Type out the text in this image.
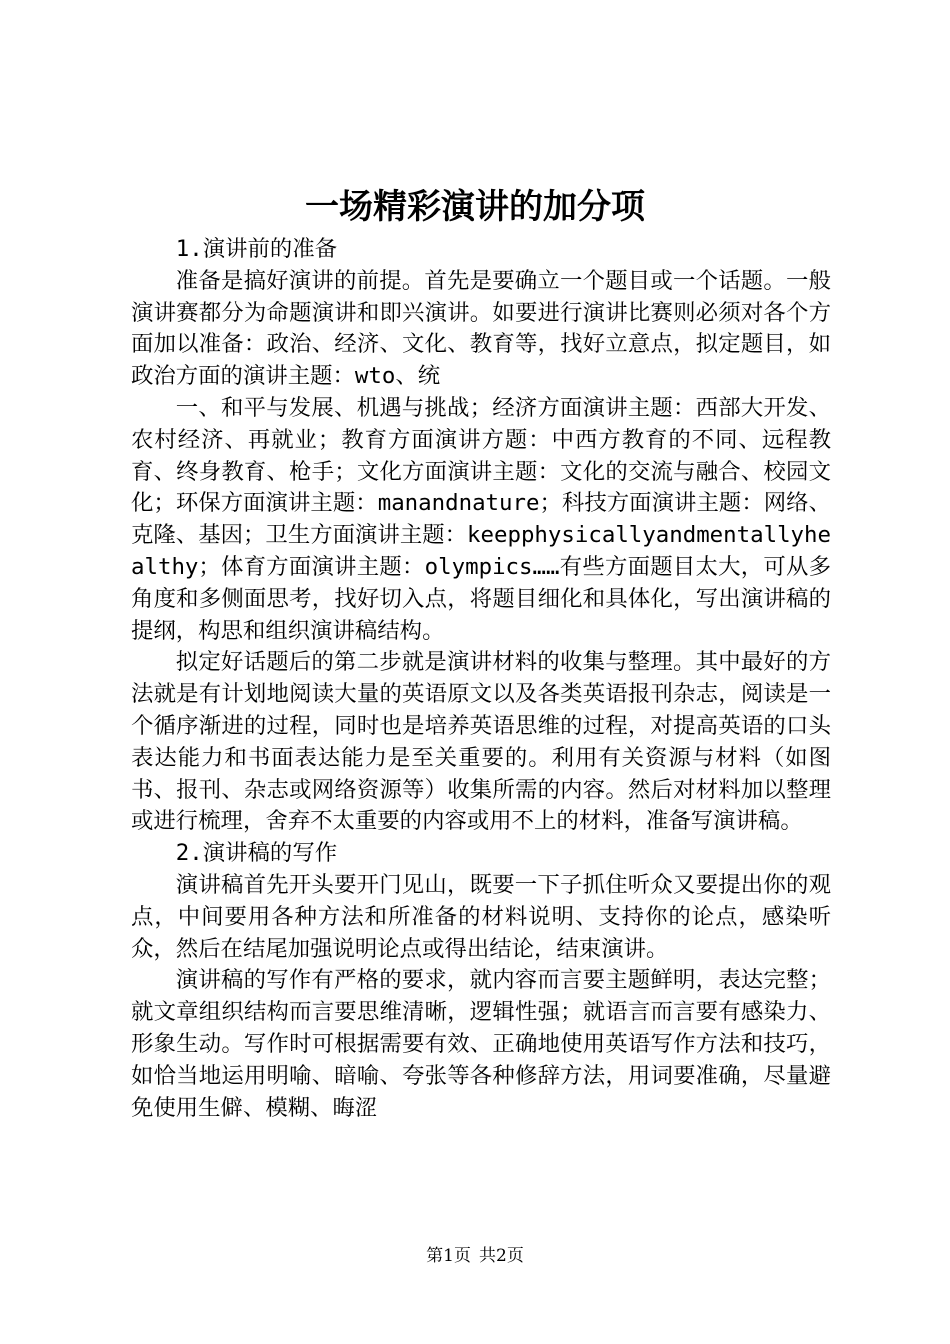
一场精彩演讲的加分项

1.演讲前的准备

准备是搞好演讲的前提。首先是要确立一个题目或一个话题。一般演讲赛都分为命题演讲和即兴演讲。如要进行演讲比赛则必须对各个方面加以准备：政治、经济、文化、教育等，找好立意点，拟定题目，如政治方面的演讲主题：wto、统

一、和平与发展、机遇与挑战；经济方面演讲主题：西部大开发、农村经济、再就业；教育方面演讲方题：中西方教育的不同、远程教育、终身教育、枪手；文化方面演讲主题：文化的交流与融合、校园文化；环保方面演讲主题：manandnature；科技方面演讲主题：网络、克隆、基因；卫生方面演讲主题：keepphysicallyandmentallyhealthy；体育方面演讲主题：olympics……有些方面题目太大，可从多角度和多侧面思考，找好切入点，将题目细化和具体化，写出演讲稿的提纲，构思和组织演讲稿结构。

拟定好话题后的第二步就是演讲材料的收集与整理。其中最好的方法就是有计划地阅读大量的英语原文以及各类英语报刊杂志，阅读是一个循序渐进的过程，同时也是培养英语思维的过程，对提高英语的口头表达能力和书面表达能力是至关重要的。利用有关资源与材料（如图书、报刊、杂志或网络资源等）收集所需的内容。然后对材料加以整理或进行梳理，舍弃不太重要的内容或用不上的材料，准备写演讲稿。

2.演讲稿的写作

演讲稿首先开头要开门见山，既要一下子抓住听众又要提出你的观点，中间要用各种方法和所准备的材料说明、支持你的论点，感染听众，然后在结尾加强说明论点或得出结论，结束演讲。

演讲稿的写作有严格的要求，就内容而言要主题鲜明，表达完整；就文章组织结构而言要思维清晰，逻辑性强；就语言而言要有感染力、形象生动。写作时可根据需要有效、正确地使用英语写作方法和技巧，如恰当地运用明喻、暗喻、夸张等各种修辞方法，用词要准确，尽量避免使用生僻、模糊、晦涩

第1页 共2页
